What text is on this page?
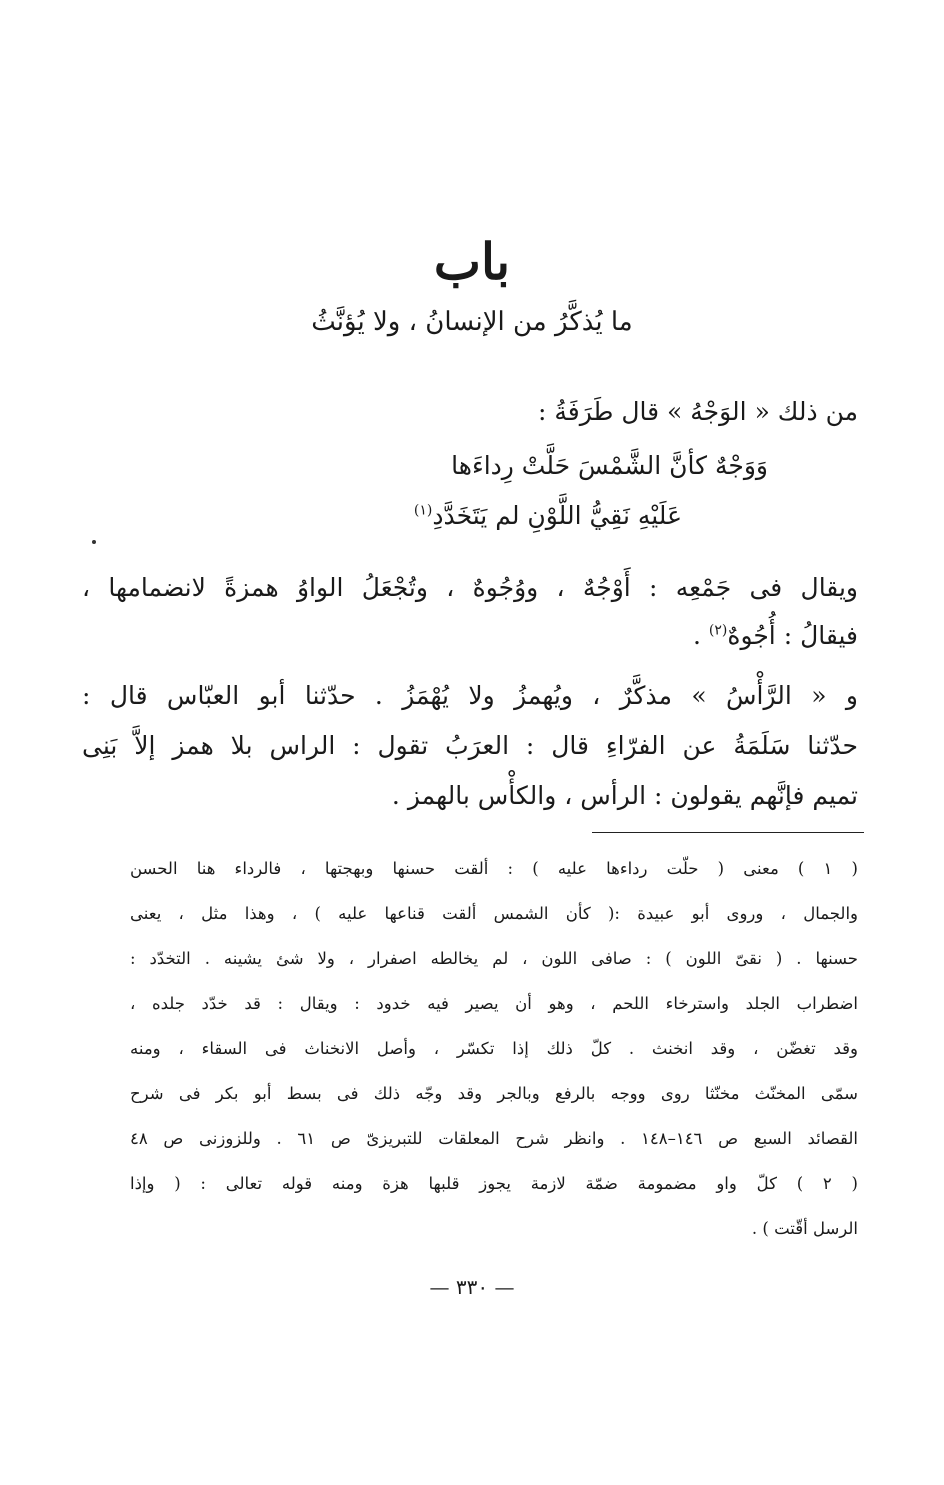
باب
ما يُذكَّرُ من الإنسانُ ، ولا يُؤنَّثُ
من ذلك « الوَجْهُ » قال طَرَفَةُ :
وَوَجْهٌ كأنَّ الشَّمْسَ حَلَّتْ رِداءَها
عَلَيْهِ نَقِيُّ اللَّوْنِ لم يَتَخَدَّدِ$^{(١)}$
ويقال فى جَمْعِه : أَوْجُهٌ ، ووُجُوهٌ ، وتُجْعَلُ الواوُ همزةً لانضمامها ،
فيقالُ : أُجُوهٌ$^{(٢)}$ .
و « الرَّأْسُ » مذكَّرٌ ، ويُهمزُ ولا يُهْمَزُ . حدّثنا أبو العبّاس قال :
حدّثنا سَلَمَةُ عن الفرّاءِ قال : العرَبُ تقول : الراس بلا همز إلاَّ بَنِى
تميم فإنَّهم يقولون : الرأس ، والكأْس بالهمز .
( ١ ) معنى ( حلّت رداءها عليه ) : ألقت حسنها وبهجتها ، فالرداء هنا الحسن
والجمال ، وروى أبو عبيدة :( كأن الشمس ألقت قناعها عليه ) ، وهذا مثل ، يعنى
حسنها . ( نقىّ اللون ) : صافى اللون ، لم يخالطه اصفرار ، ولا شئ يشينه . التخدّد :
اضطراب الجلد واسترخاء اللحم ، وهو أن يصير فيه خدود : ويقال : قد خدّد جلده ،
وقد تغضّن ، وقد انخنث . كلّ ذلك إذا تكسّر ، وأصل الانخناث فى السقاء ، ومنه
سمّى المخنّث مخنّثا روى ووجه بالرفع وبالجر وقد وجّه ذلك فى بسط أبو بكر فى شرح
القصائد السبع ص ١٤٦–١٤٨ . وانظر شرح المعلقات للتبريزىّ ص ٦١ . وللزوزنى ص ٤٨
( ٢ ) كلّ واو مضمومة ضمّة لازمة يجوز قلبها هزة ومنه قوله تعالى : ( وإذا
الرسل أقّتت ) .
— ٣٣٠ —
